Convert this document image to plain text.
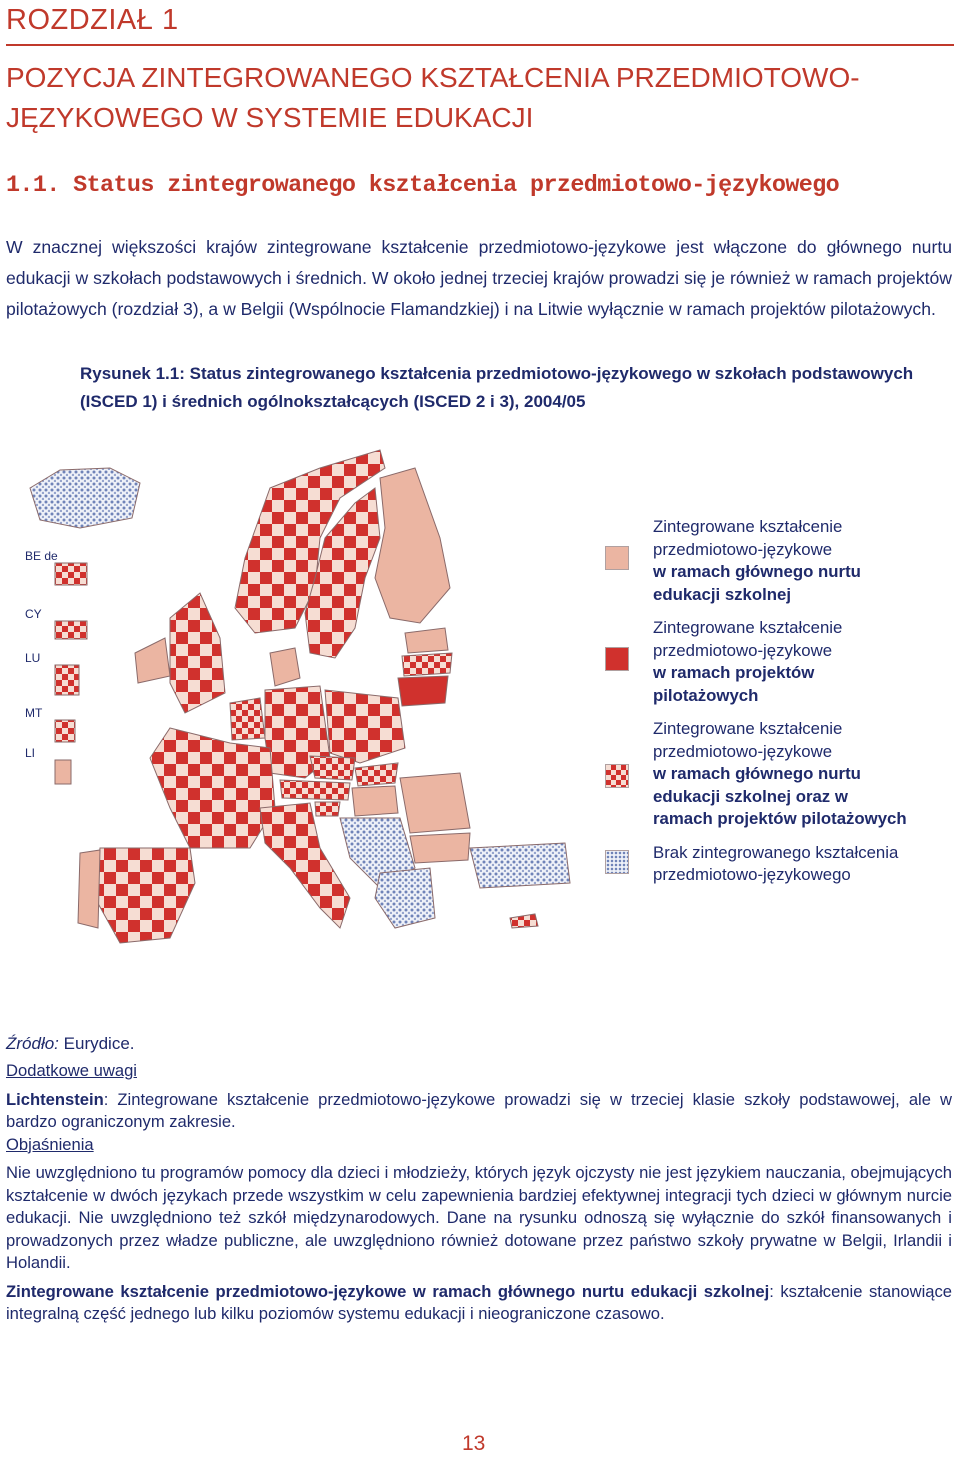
ROZDZIAŁ 1
POZYCJA ZINTEGROWANEGO KSZTAŁCENIA PRZEDMIOTOWO-JĘZYKOWEGO W SYSTEMIE EDUKACJI
1.1. Status zintegrowanego kształcenia przedmiotowo-językowego
W znacznej większości krajów zintegrowane kształcenie przedmiotowo-językowe jest włączone do głównego nurtu edukacji w szkołach podstawowych i średnich. W około jednej trzeciej krajów prowadzi się je również w ramach projektów pilotażowych (rozdział 3), a w Belgii (Wspólnocie Flamandzkiej) i na Litwie wyłącznie w ramach projektów pilotażowych.
Rysunek 1.1: Status zintegrowanego kształcenia przedmiotowo-językowego w szkołach podstawowych (ISCED 1) i średnich ogólnokształcących (ISCED 2 i 3), 2004/05
BE de
CY
LU
MT
LI
Zintegrowane kształcenie przedmiotowo-językowe
w ramach głównego nurtu edukacji szkolnej
Zintegrowane kształcenie przedmiotowo-językowe
w ramach projektów pilotażowych
Zintegrowane kształcenie przedmiotowo-językowe
w ramach głównego nurtu edukacji szkolnej oraz w ramach projektów pilotażowych
Brak zintegrowanego kształcenia przedmiotowo-językowego
Źródło: Eurydice.

Dodatkowe uwagi

Lichtenstein: Zintegrowane kształcenie przedmiotowo-językowe prowadzi się w trzeciej klasie szkoły podstawowej, ale w bardzo ograniczonym zakresie.

Objaśnienia

Nie uwzględniono tu programów pomocy dla dzieci i młodzieży, których język ojczysty nie jest językiem nauczania, obejmujących kształcenie w dwóch językach przede wszystkim w celu zapewnienia bardziej efektywnej integracji tych dzieci w głównym nurcie edukacji. Nie uwzględniono też szkół międzynarodowych. Dane na rysunku odnoszą się wyłącznie do szkół finansowanych i prowadzonych przez władze publiczne, ale uwzględniono również dotowane przez państwo szkoły prywatne w Belgii, Irlandii i Holandii.

Zintegrowane kształcenie przedmiotowo-językowe w ramach głównego nurtu edukacji szkolnej: kształcenie stanowiące integralną część jednego lub kilku poziomów systemu edukacji i nieograniczone czasowo.

13
